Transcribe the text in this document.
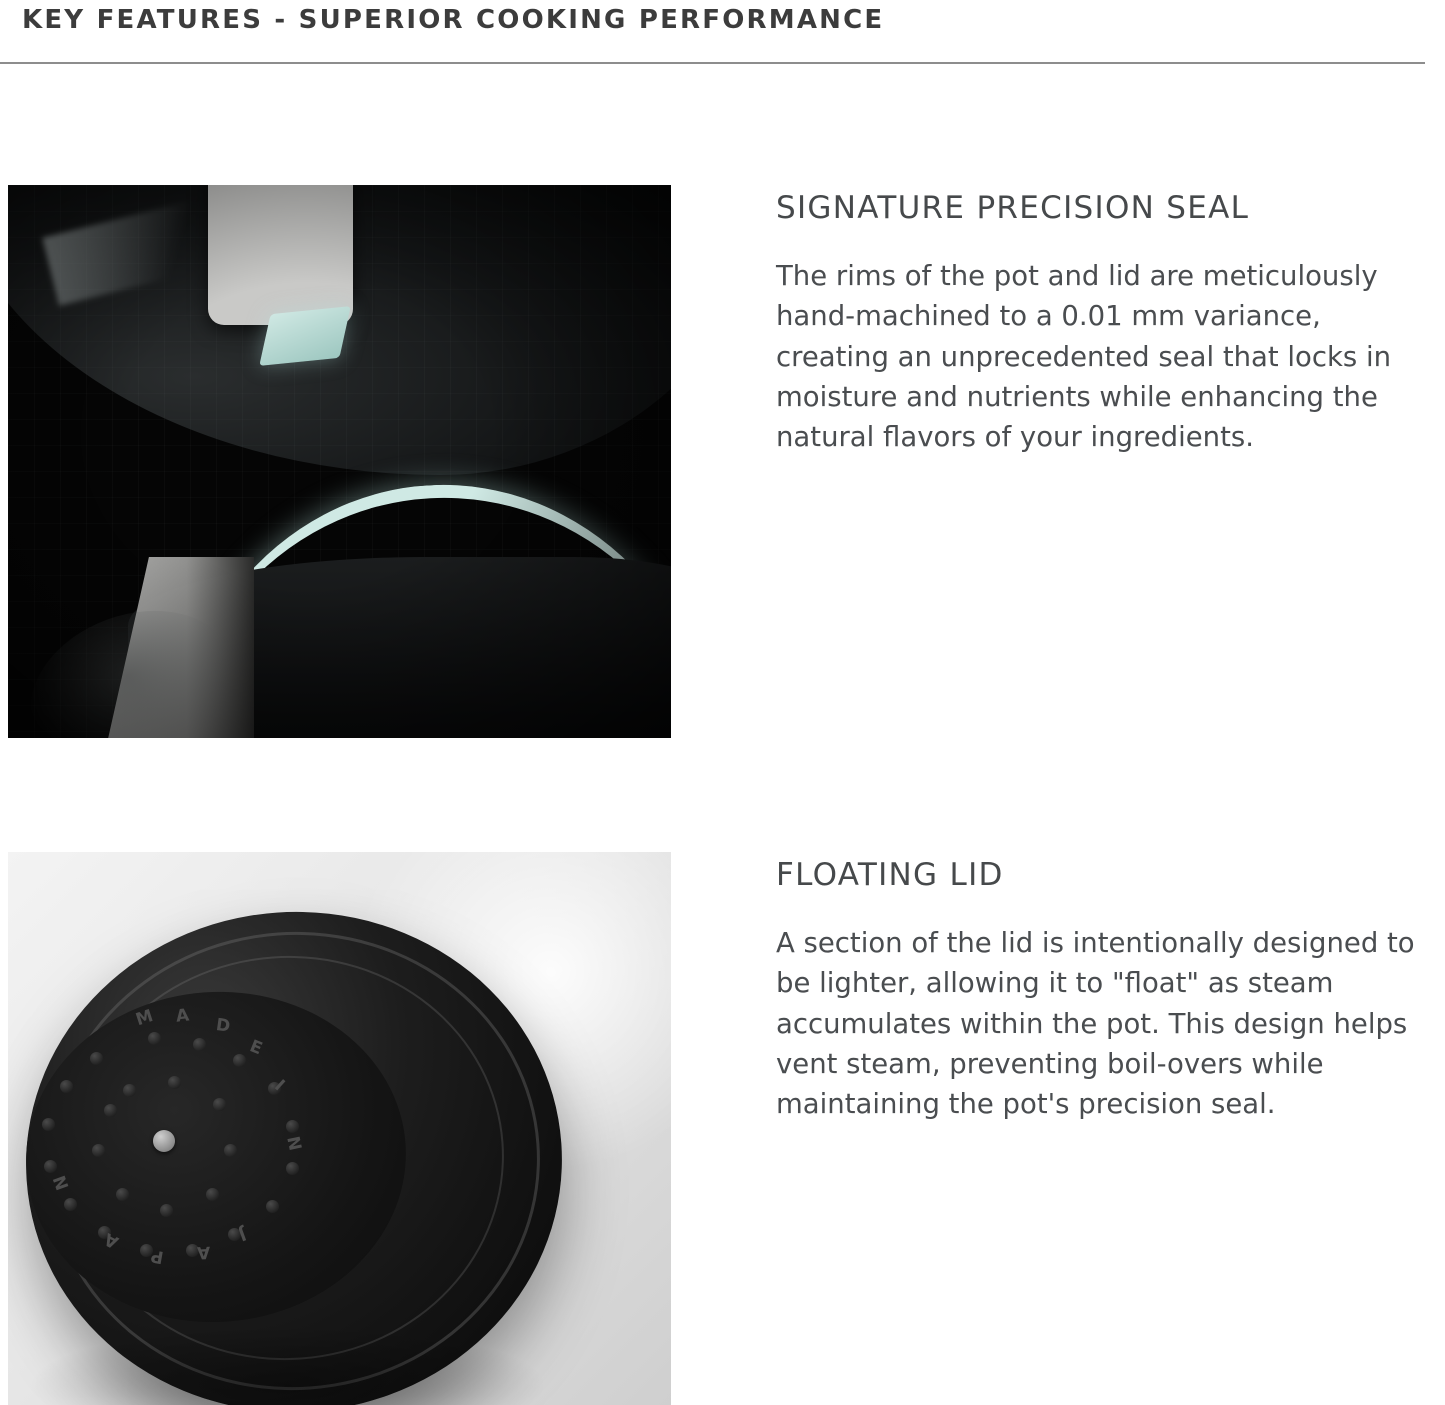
KEY FEATURES - SUPERIOR COOKING PERFORMANCE
SIGNATURE PRECISION SEAL

The rims of the pot and lid are meticulously hand-machined to a 0.01 mm variance, creating an unprecedented seal that locks in moisture and nutrients while enhancing the natural flavors of your ingredients.

M A D
E
I
N
J
A
P
A
N
FLOATING LID

A section of the lid is intentionally designed to be lighter, allowing it to "float" as steam accumulates within the pot. This design helps vent steam, preventing boil-overs while maintaining the pot's precision seal.
